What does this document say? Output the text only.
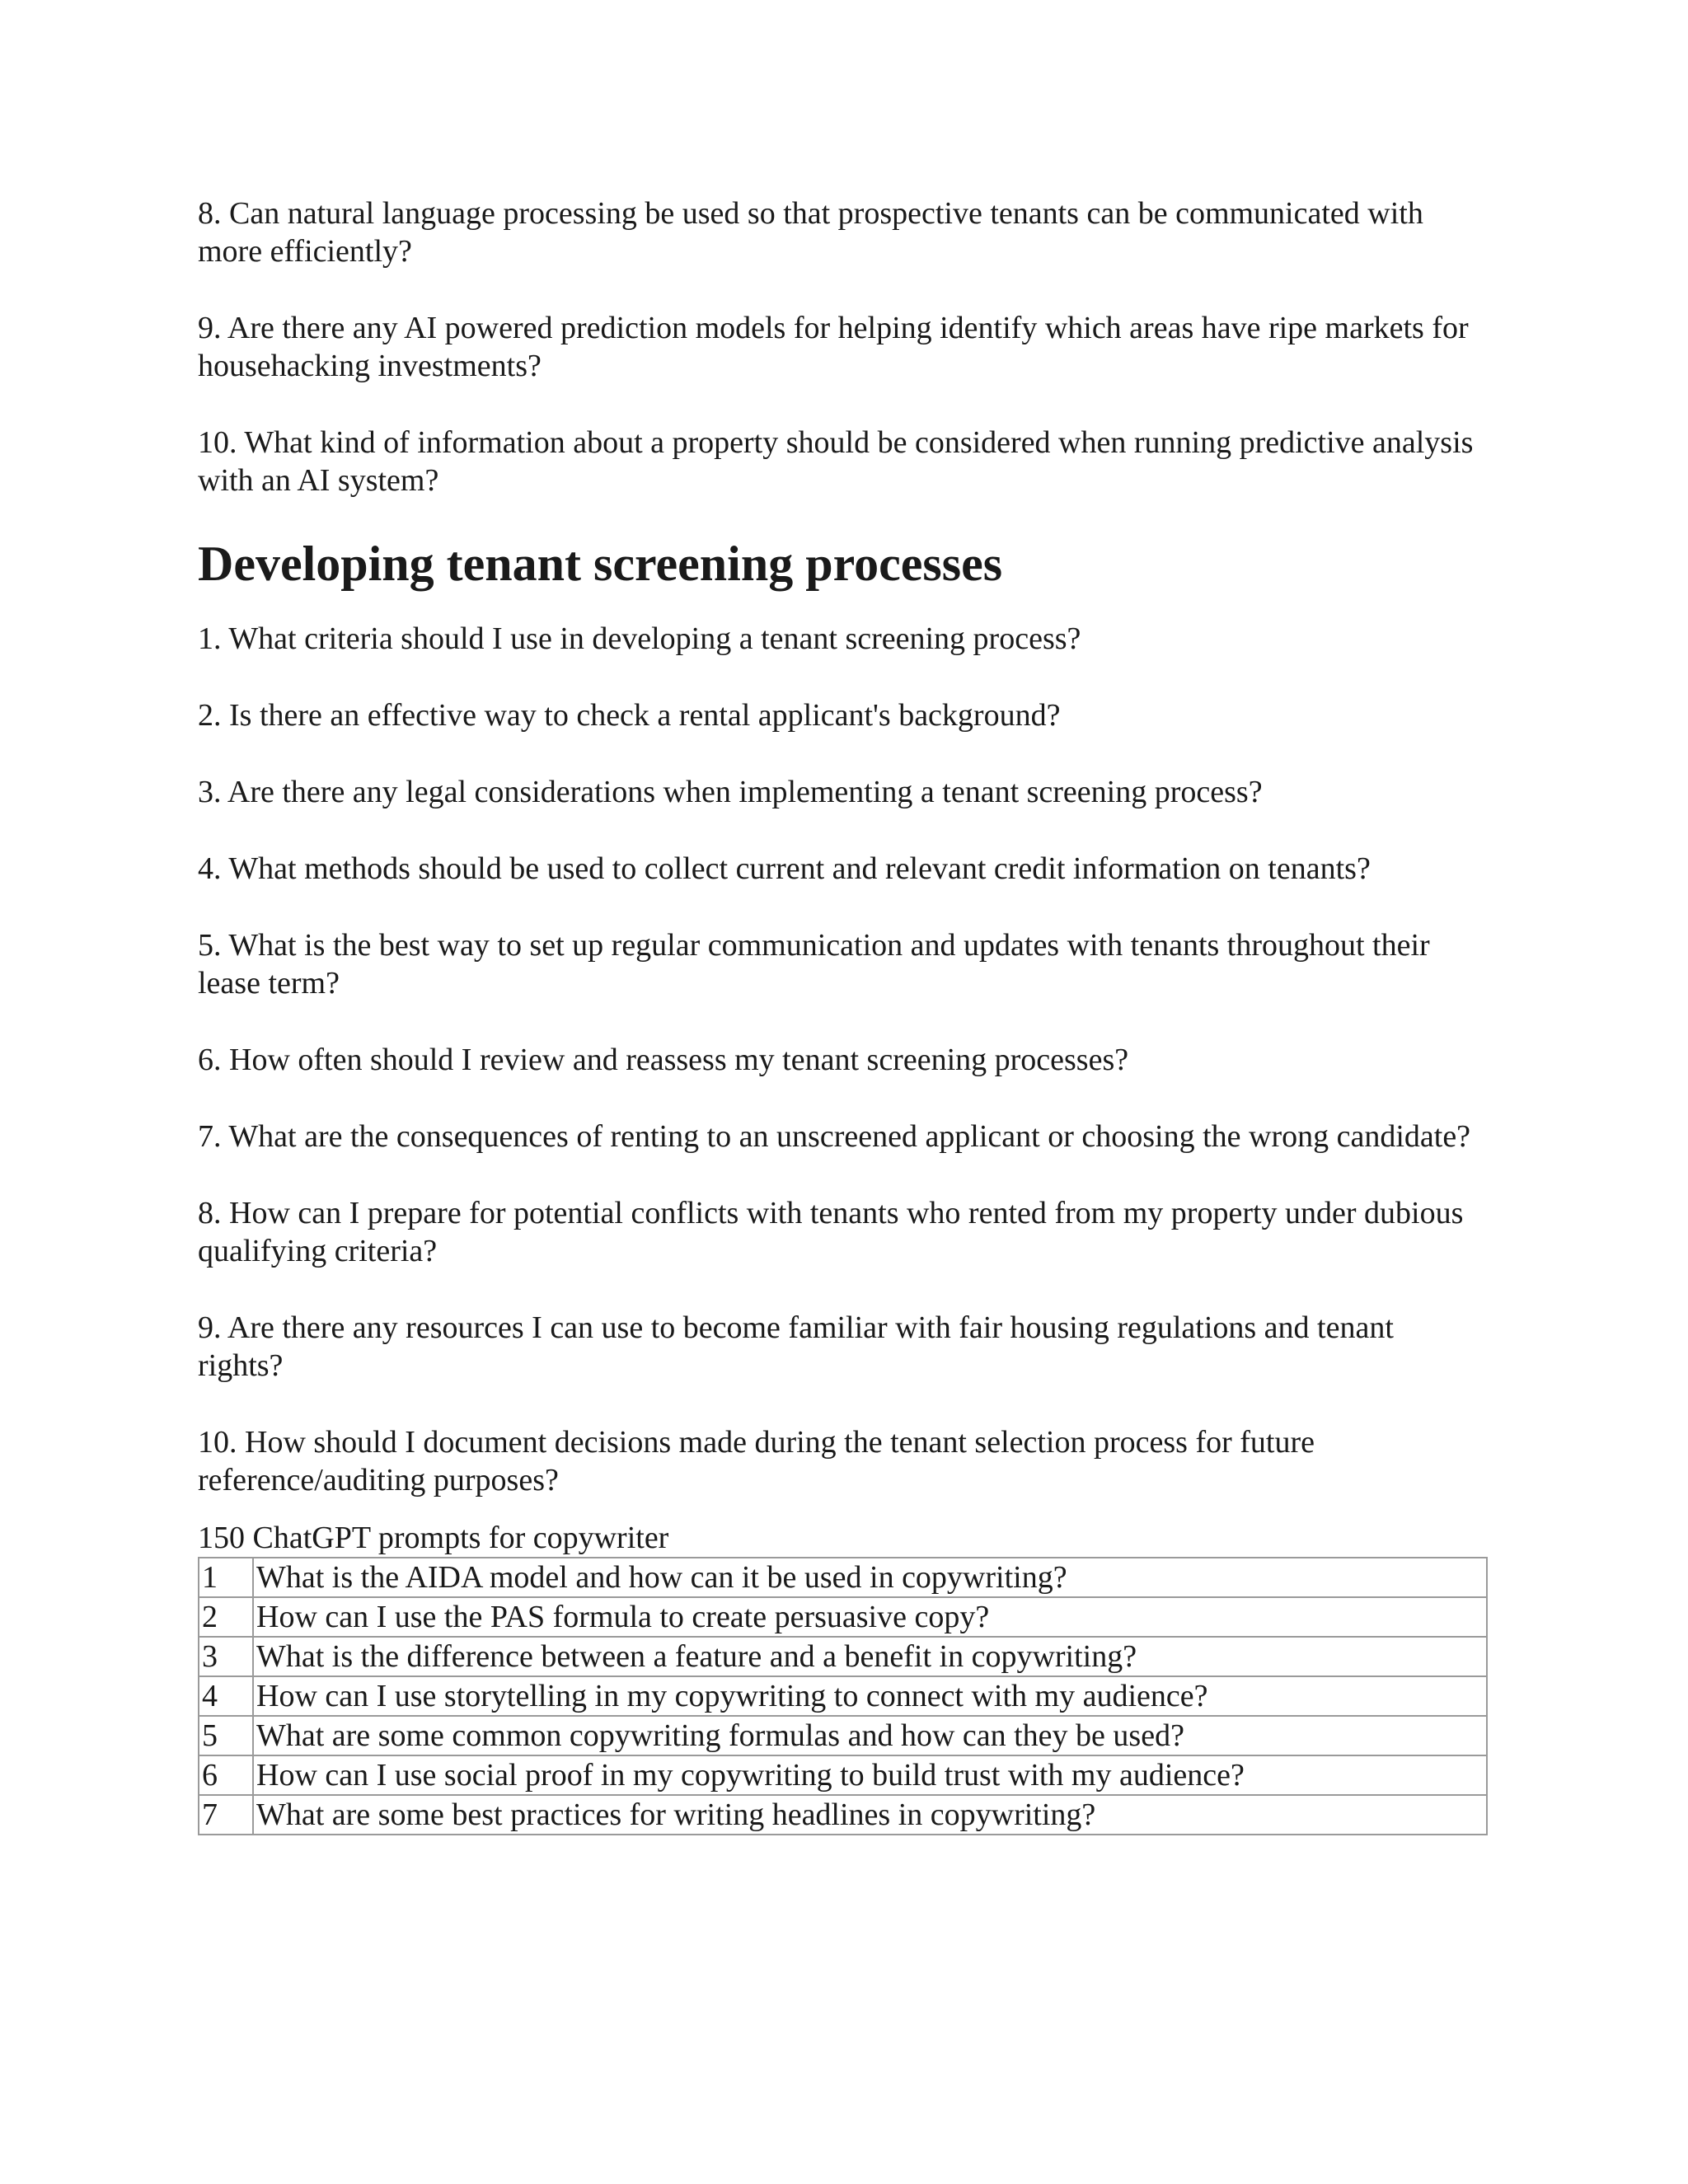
8. Can natural language processing be used so that prospective tenants can be communicated with more efficiently?

9. Are there any AI powered prediction models for helping identify which areas have ripe markets for househacking investments?

10. What kind of information about a property should be considered when running predictive analysis with an AI system?

Developing tenant screening processes

1. What criteria should I use in developing a tenant screening process?

2. Is there an effective way to check a rental applicant's background?

3. Are there any legal considerations when implementing a tenant screening process?

4. What methods should be used to collect current and relevant credit information on tenants?

5. What is the best way to set up regular communication and updates with tenants throughout their lease term?

6. How often should I review and reassess my tenant screening processes?

7. What are the consequences of renting to an unscreened applicant or choosing the wrong candidate?

8. How can I prepare for potential conflicts with tenants who rented from my property under dubious qualifying criteria?

9. Are there any resources I can use to become familiar with fair housing regulations and tenant rights?

10. How should I document decisions made during the tenant selection process for future reference/auditing purposes?

150 ChatGPT prompts for copywriter
1	What is the AIDA model and how can it be used in copywriting?
2	How can I use the PAS formula to create persuasive copy?
3	What is the difference between a feature and a benefit in copywriting?
4	How can I use storytelling in my copywriting to connect with my audience?
5	What are some common copywriting formulas and how can they be used?
6	How can I use social proof in my copywriting to build trust with my audience?
7	What are some best practices for writing headlines in copywriting?
